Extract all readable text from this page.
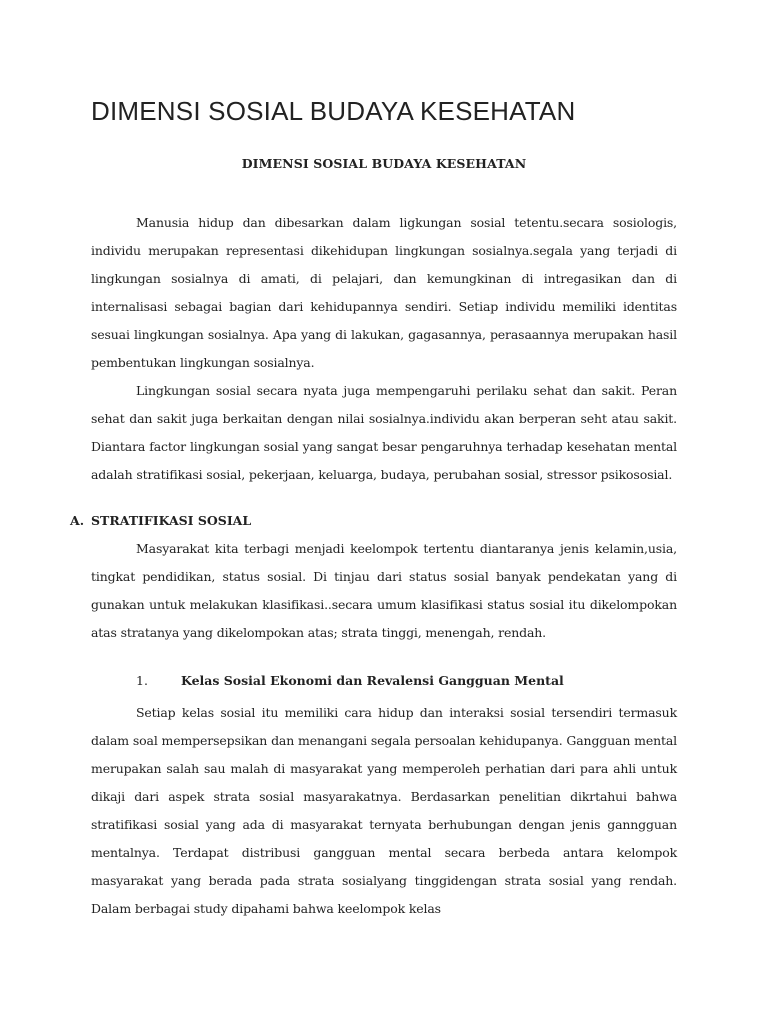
DIMENSI SOSIAL BUDAYA KESEHATAN
DIMENSI SOSIAL BUDAYA KESEHATAN

Manusia hidup dan dibesarkan dalam ligkungan sosial tetentu.secara sosiologis, individu merupakan representasi dikehidupan lingkungan sosialnya.segala yang terjadi di lingkungan sosialnya di amati, di pelajari, dan kemungkinan di intregasikan dan di internalisasi sebagai bagian dari kehidupannya sendiri. Setiap individu memiliki identitas sesuai lingkungan sosialnya. Apa yang di lakukan, gagasannya, perasaannya merupakan hasil pembentukan lingkungan sosialnya.

Lingkungan sosial secara nyata juga mempengaruhi perilaku sehat dan sakit. Peran sehat dan sakit juga berkaitan dengan nilai sosialnya.individu akan berperan seht atau sakit. Diantara factor lingkungan sosial yang sangat besar pengaruhnya terhadap kesehatan mental adalah stratifikasi sosial, pekerjaan, keluarga, budaya, perubahan sosial, stressor psikososial.

A. STRATIFIKASI SOSIAL

Masyarakat kita terbagi menjadi keelompok tertentu diantaranya jenis kelamin,usia, tingkat pendidikan, status sosial. Di tinjau dari status sosial banyak pendekatan yang di gunakan untuk melakukan klasifikasi..secara umum klasifikasi status sosial itu dikelompokan atas stratanya yang dikelompokan atas; strata tinggi, menengah, rendah.

1.	Kelas Sosial Ekonomi dan Revalensi Gangguan Mental

Setiap kelas sosial itu memiliki cara hidup dan interaksi sosial tersendiri termasuk dalam soal mempersepsikan dan menangani segala persoalan kehidupanya. Gangguan mental merupakan salah sau malah di masyarakat yang memperoleh perhatian dari para ahli untuk dikaji dari aspek strata sosial masyarakatnya. Berdasarkan penelitian dikrtahui bahwa stratifikasi sosial yang ada di masyarakat ternyata berhubungan dengan jenis ganngguan mentalnya. Terdapat distribusi gangguan mental secara berbeda antara kelompok masyarakat yang berada pada strata sosialyang tinggidengan strata sosial yang rendah. Dalam berbagai study dipahami bahwa keelompok kelas
